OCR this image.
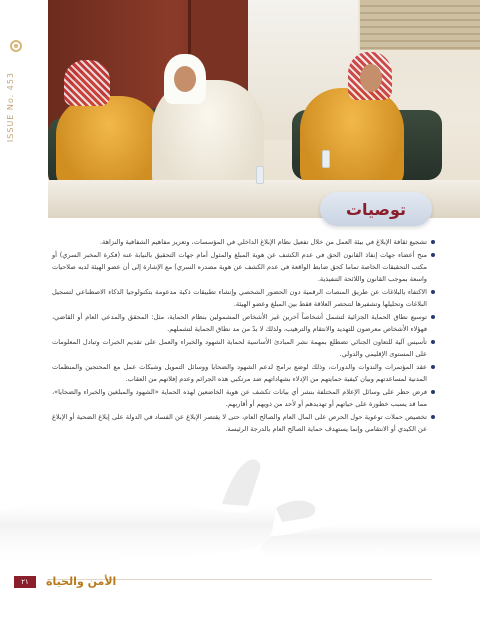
ISSUE No. 453
توصيات
تشجيع ثقافة الإبلاغ في بيئة العمل من خلال تفعيل نظام الإبلاغ الداخلي في المؤسسات، وتعزيز مفاهيم الشفافية والنزاهة.
منح أعضاء جهات إنفاذ القانون الحق في عدم الكشف عن هوية المبلغ والمثول أمام جهات التحقيق بالنيابة عنه (فكرة المخبر السري) أو مكتب التحقيقات الخاصة تماما كحق ضابط الواقعة في عدم الكشف عن هوية مصدره السري) مع الإشارة إلى أن عضو الهيئة لديه صلاحيات واسعة بموجب القانون واللائحة التنفيذية.
الاكتفاء بالبلاغات عن طريق المنصات الرقمية دون الحضور الشخصي وإنشاء تطبيقات ذكية مدعومة بتكنولوجيا الذكاء الاصطناعي لتسجيل البلاغات وتحليلها وتشفيرها لتنحصر العلاقة فقط بين المبلغ وعضو الهيئة.
توسيع نطاق الحماية الجزائية لتشمل أشخاصاً آخرين غير الأشخاص المشمولين بنظام الحماية، مثل: المحقق والمدعي العام أو القاضي، فهؤلاء الأشخاص معرضون للتهديد والانتقام والترهيب، ولذلك لا بدّ من مد نطاق الحماية لتشملهم.
تأسيس آلية للتعاون الجنائي تضطلع بمهمة نشر المبادئ الأساسية لحماية الشهود والخبراء والعمل على تقديم الخبرات وتبادل المعلومات على المستوى الإقليمي والدولي.
عقد المؤتمرات والندوات والدورات، وذلك لوضع برامج لدعم الشهود والضحايا ووسائل التمويل وشبكات عمل مع المحتجين والمنظمات المدنية لمساعدتهم وبيان كيفية حمايتهم من الإدلاء بشهاداتهم ضد مرتكبي هذه الجرائم وعدم إفلاتهم من العقاب.
فرض حظر على وسائل الإعلام المختلفة بنشر أي بيانات تكشف عن هوية الخاضعين لهذه الحماية «الشهود والمبلغين والخبراء والضحايا»، مما قد يسبب خطورة على حياتهم أو تهديدهم أو لأحد من ذويهم أو أقاربهم.
تخصيص حملات توعوية حول الحرص على المال العام والصالح العام، حتى لا يقتصر الإبلاغ عن الفساد في الدولة على إبلاغ الضحية أو الإبلاغ عن الكيدي أو الانتقامي وإنما يستهدف حماية الصالح العام بالدرجة الرئيسة.
٢١	الأمن والحياة
